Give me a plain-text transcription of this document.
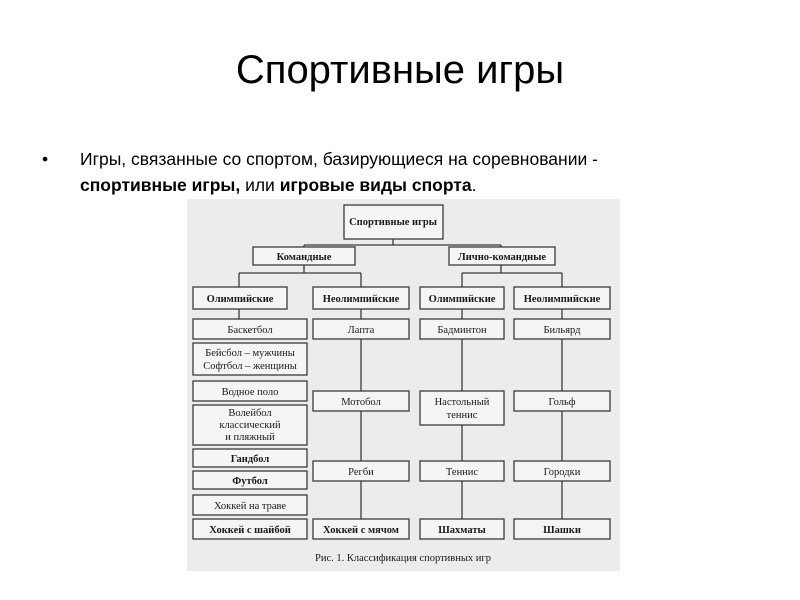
Спортивные игры
• Игры, связанные со спортом, базирующиеся на соревновании -
спортивные игры, или игровые виды спорта.
Спортивные игры
Командные	Лично-командные
Олимпийские	Неолимпийские	Олимпийские	Неолимпийские
Баскетбол
Бейсбол – мужчины
Софтбол – женщины
Водное поло
Волейбол
классический
и пляжный
Гандбол
Футбол
Хоккей на траве
Хоккей с шайбой
Лапта
Мотобол
Регби
Хоккей с мячом
Бадминтон
Настольный
теннис
Теннис
Шахматы
Бильярд
Гольф
Городки
Шашки
Рис. 1. Классификация спортивных игр
